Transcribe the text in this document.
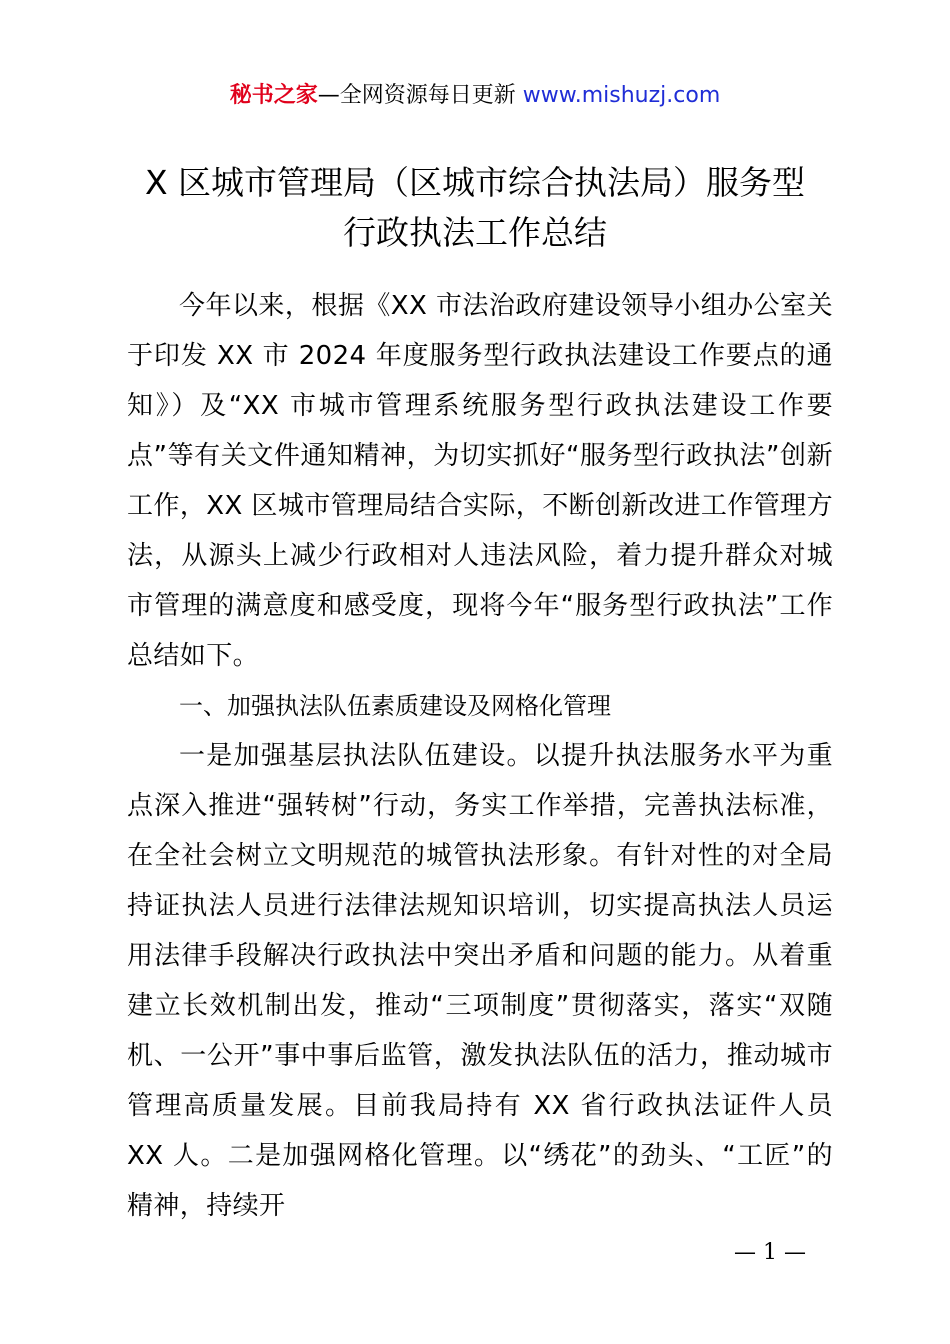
秘书之家—全网资源每日更新 www.mishuzj.com
X 区城市管理局（区城市综合执法局）服务型
行政执法工作总结

今年以来，根据《XX 市法治政府建设领导小组办公室关于印发 XX 市 2024 年度服务型行政执法建设工作要点的通知》）及“XX 市城市管理系统服务型行政执法建设工作要点”等有关文件通知精神，为切实抓好“服务型行政执法”创新工作，XX 区城市管理局结合实际，不断创新改进工作管理方法，从源头上减少行政相对人违法风险，着力提升群众对城市管理的满意度和感受度，现将今年“服务型行政执法”工作总结如下。

一、加强执法队伍素质建设及网格化管理

一是加强基层执法队伍建设。以提升执法服务水平为重点深入推进“强转树”行动，务实工作举措，完善执法标准，在全社会树立文明规范的城管执法形象。有针对性的对全局持证执法人员进行法律法规知识培训，切实提高执法人员运用法律手段解决行政执法中突出矛盾和问题的能力。从着重建立长效机制出发，推动“三项制度”贯彻落实，落实“双随机、一公开”事中事后监管，激发执法队伍的活力，推动城市管理高质量发展。目前我局持有 XX 省行政执法证件人员 XX 人。二是加强网格化管理。以“绣花”的劲头、“工匠”的精神，持续开

— 1 —
